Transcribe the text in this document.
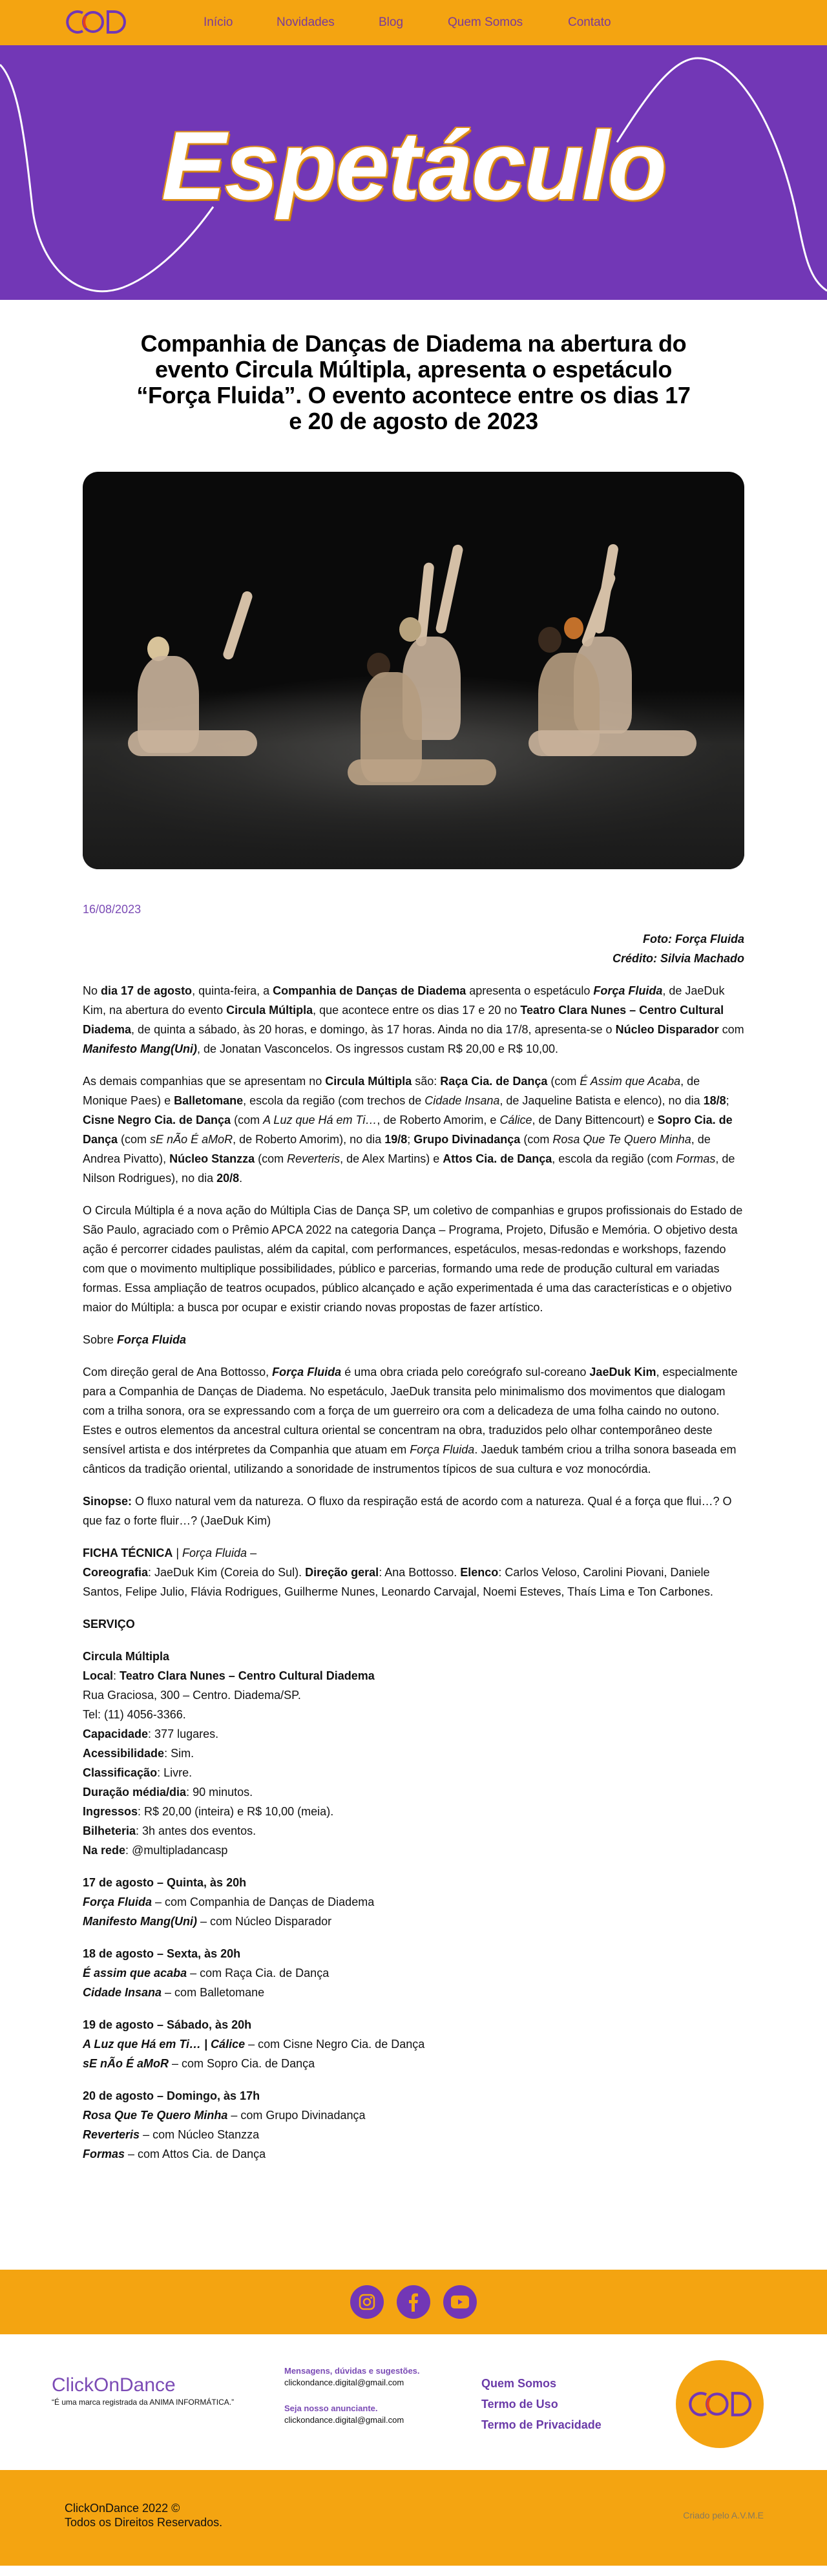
Início	Novidades	Blog	Quem Somos	Contato
Espetáculo
Companhia de Danças de Diadema na abertura do evento Circula Múltipla, apresenta o espetáculo “Força Fluida”. O evento acontece entre os dias 17 e 20 de agosto de 2023
16/08/2023
Foto: Força Fluida
Crédito: Silvia Machado

No dia 17 de agosto, quinta-feira, a Companhia de Danças de Diadema apresenta o espetáculo Força Fluida, de JaeDuk Kim, na abertura do evento Circula Múltipla, que acontece entre os dias 17 e 20 no Teatro Clara Nunes – Centro Cultural Diadema, de quinta a sábado, às 20 horas, e domingo, às 17 horas. Ainda no dia 17/8, apresenta-se o Núcleo Disparador com Manifesto Mang(Uni), de Jonatan Vasconcelos. Os ingressos custam R$ 20,00 e R$ 10,00.

As demais companhias que se apresentam no Circula Múltipla são: Raça Cia. de Dança (com É Assim que Acaba, de Monique Paes) e Balletomane, escola da região (com trechos de Cidade Insana, de Jaqueline Batista e elenco), no dia 18/8; Cisne Negro Cia. de Dança (com A Luz que Há em Ti…, de Roberto Amorim, e Cálice, de Dany Bittencourt) e Sopro Cia. de Dança (com sE nÃo É aMoR, de Roberto Amorim), no dia 19/8; Grupo Divinadança (com Rosa Que Te Quero Minha, de Andrea Pivatto), Núcleo Stanzza (com Reverteris, de Alex Martins) e Attos Cia. de Dança, escola da região (com Formas, de Nilson Rodrigues), no dia 20/8.

O Circula Múltipla é a nova ação do Múltipla Cias de Dança SP, um coletivo de companhias e grupos profissionais do Estado de São Paulo, agraciado com o Prêmio APCA 2022 na categoria Dança – Programa, Projeto, Difusão e Memória. O objetivo desta ação é percorrer cidades paulistas, além da capital, com performances, espetáculos, mesas-redondas e workshops, fazendo com que o movimento multiplique possibilidades, público e parcerias, formando uma rede de produção cultural em variadas formas. Essa ampliação de teatros ocupados, público alcançado e ação experimentada é uma das características e o objetivo maior do Múltipla: a busca por ocupar e existir criando novas propostas de fazer artístico.

Sobre Força Fluida

Com direção geral de Ana Bottosso, Força Fluida é uma obra criada pelo coreógrafo sul-coreano JaeDuk Kim, especialmente para a Companhia de Danças de Diadema. No espetáculo, JaeDuk transita pelo minimalismo dos movimentos que dialogam com a trilha sonora, ora se expressando com a força de um guerreiro ora com a delicadeza de uma folha caindo no outono. Estes e outros elementos da ancestral cultura oriental se concentram na obra, traduzidos pelo olhar contemporâneo deste sensível artista e dos intérpretes da Companhia que atuam em Força Fluida. Jaeduk também criou a trilha sonora baseada em cânticos da tradição oriental, utilizando a sonoridade de instrumentos típicos de sua cultura e voz monocórdia.

Sinopse: O fluxo natural vem da natureza. O fluxo da respiração está de acordo com a natureza. Qual é a força que flui…? O que faz o forte fluir…? (JaeDuk Kim)

FICHA TÉCNICA | Força Fluida –
Coreografia: JaeDuk Kim (Coreia do Sul). Direção geral: Ana Bottosso. Elenco: Carlos Veloso, Carolini Piovani, Daniele Santos, Felipe Julio, Flávia Rodrigues, Guilherme Nunes, Leonardo Carvajal, Noemi Esteves, Thaís Lima e Ton Carbones.

SERVIÇO

Circula Múltipla
Local: Teatro Clara Nunes – Centro Cultural Diadema
Rua Graciosa, 300 – Centro. Diadema/SP.
Tel: (11) 4056-3366.
Capacidade: 377 lugares.
Acessibilidade: Sim.
Classificação: Livre.
Duração média/dia: 90 minutos.
Ingressos: R$ 20,00 (inteira) e R$ 10,00 (meia).
Bilheteria: 3h antes dos eventos.
Na rede: @multipladancasp
17 de agosto – Quinta, às 20h
Força Fluida – com Companhia de Danças de Diadema
Manifesto Mang(Uni) – com Núcleo Disparador
18 de agosto – Sexta, às 20h
É assim que acaba – com Raça Cia. de Dança
Cidade Insana – com Balletomane
19 de agosto – Sábado, às 20h
A Luz que Há em Ti… | Cálice – com Cisne Negro Cia. de Dança
sE nÃo É aMoR – com Sopro Cia. de Dança
20 de agosto – Domingo, às 17h
Rosa Que Te Quero Minha – com Grupo Divinadança
Reverteris – com Núcleo Stanzza
Formas – com Attos Cia. de Dança
ClickOnDance
“É uma marca registrada da ANIMA INFORMÁTICA.”
Mensagens, dúvidas e sugestões.
clickondance.digital@gmail.com
Seja nosso anunciante.
clickondance.digital@gmail.com
Quem Somos
Termo de Uso
Termo de Privacidade
ClickOnDance 2022 ©
Todos os Direitos Reservados.
Criado pelo A.V.M.E
